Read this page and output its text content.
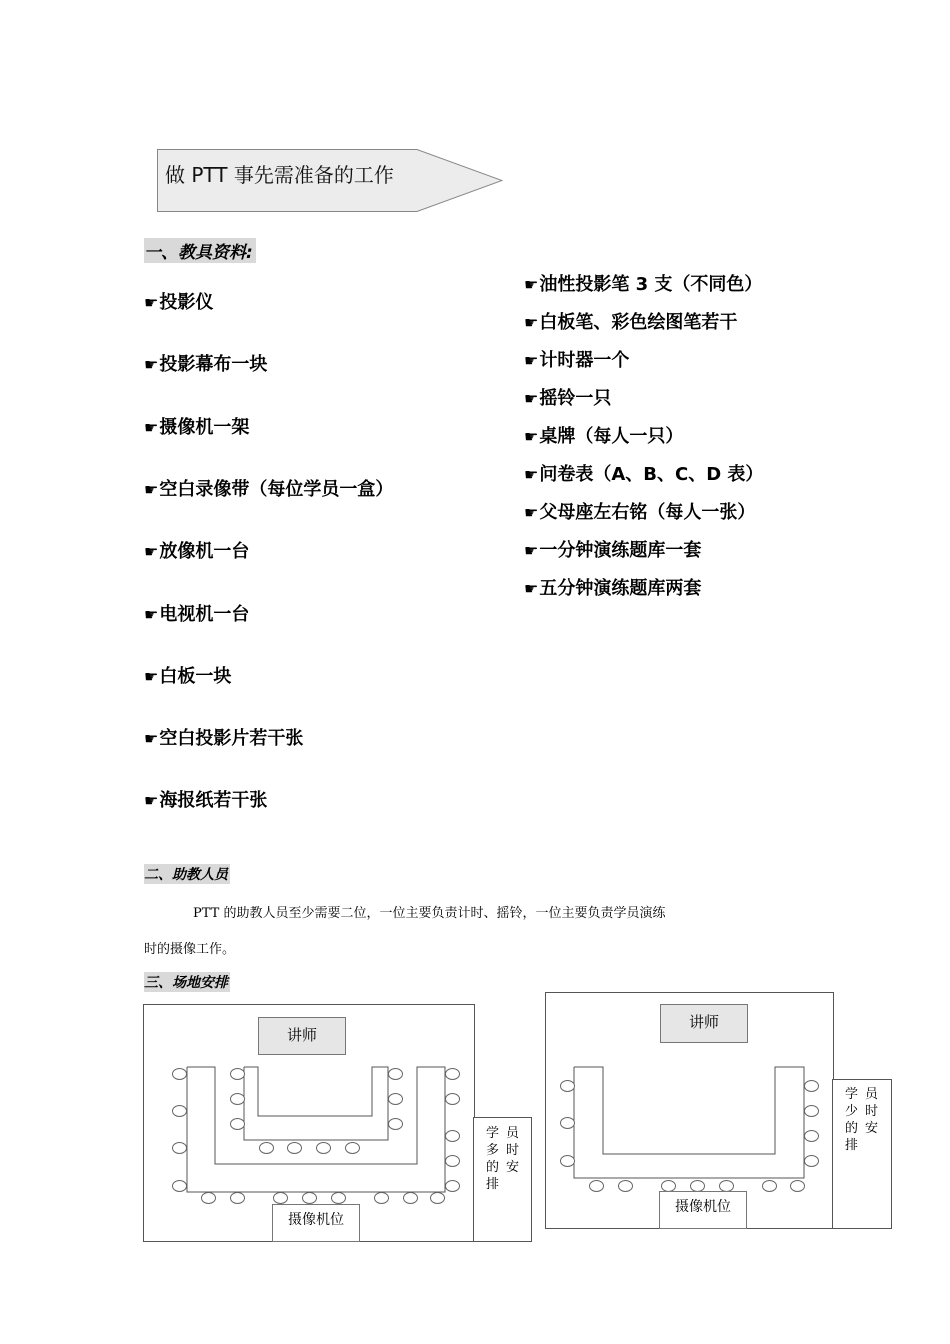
做 PTT 事先需准备的工作
一、教具资料:
☛投影仪
☛投影幕布一块
☛摄像机一架
☛空白录像带（每位学员一盒）
☛放像机一台
☛电视机一台
☛白板一块
☛空白投影片若干张
☛海报纸若干张
☛油性投影笔 3 支（不同色）
☛白板笔、彩色绘图笔若干
☛计时器一个
☛摇铃一只
☛桌牌（每人一只）
☛问卷表（A、B、C、D 表）
☛父母座左右铭（每人一张）
☛一分钟演练题库一套
☛五分钟演练题库两套
二、助教人员
PTT 的助教人员至少需要二位，一位主要负责计时、摇铃，一位主要负责学员演练
时的摄像工作。
三、场地安排
讲师
摄像机位
学
多
的
排
员
时
安
讲师
摄像机位
学
少
的
排
员
时
安
